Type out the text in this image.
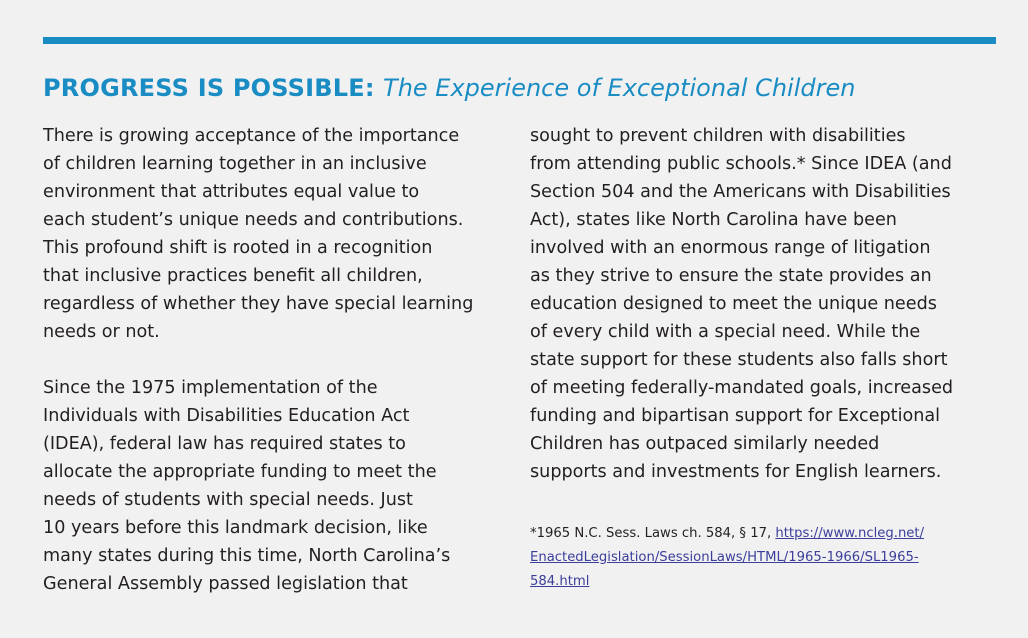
PROGRESS IS POSSIBLE: The Experience of Exceptional Children

There is growing acceptance of the importance

of children learning together in an inclusive

environment that attributes equal value to

each student’s unique needs and contributions.

This profound shift is rooted in a recognition

that inclusive practices benefit all children,

regardless of whether they have special learning

needs or not.

Since the 1975 implementation of the

Individuals with Disabilities Education Act

(IDEA), federal law has required states to

allocate the appropriate funding to meet the

needs of students with special needs. Just

10 years before this landmark decision, like

many states during this time, North Carolina’s

General Assembly passed legislation that

sought to prevent children with disabilities

from attending public schools.* Since IDEA (and

Section 504 and the Americans with Disabilities

Act), states like North Carolina have been

involved with an enormous range of litigation

as they strive to ensure the state provides an

education designed to meet the unique needs

of every child with a special need. While the

state support for these students also falls short

of meeting federally-mandated goals, increased

funding and bipartisan support for Exceptional

Children has outpaced similarly needed

supports and investments for English learners.

*1965 N.C. Sess. Laws ch. 584, § 17, https://www.ncleg.net/
EnactedLegislation/SessionLaws/HTML/1965-1966/SL1965-
584.html
